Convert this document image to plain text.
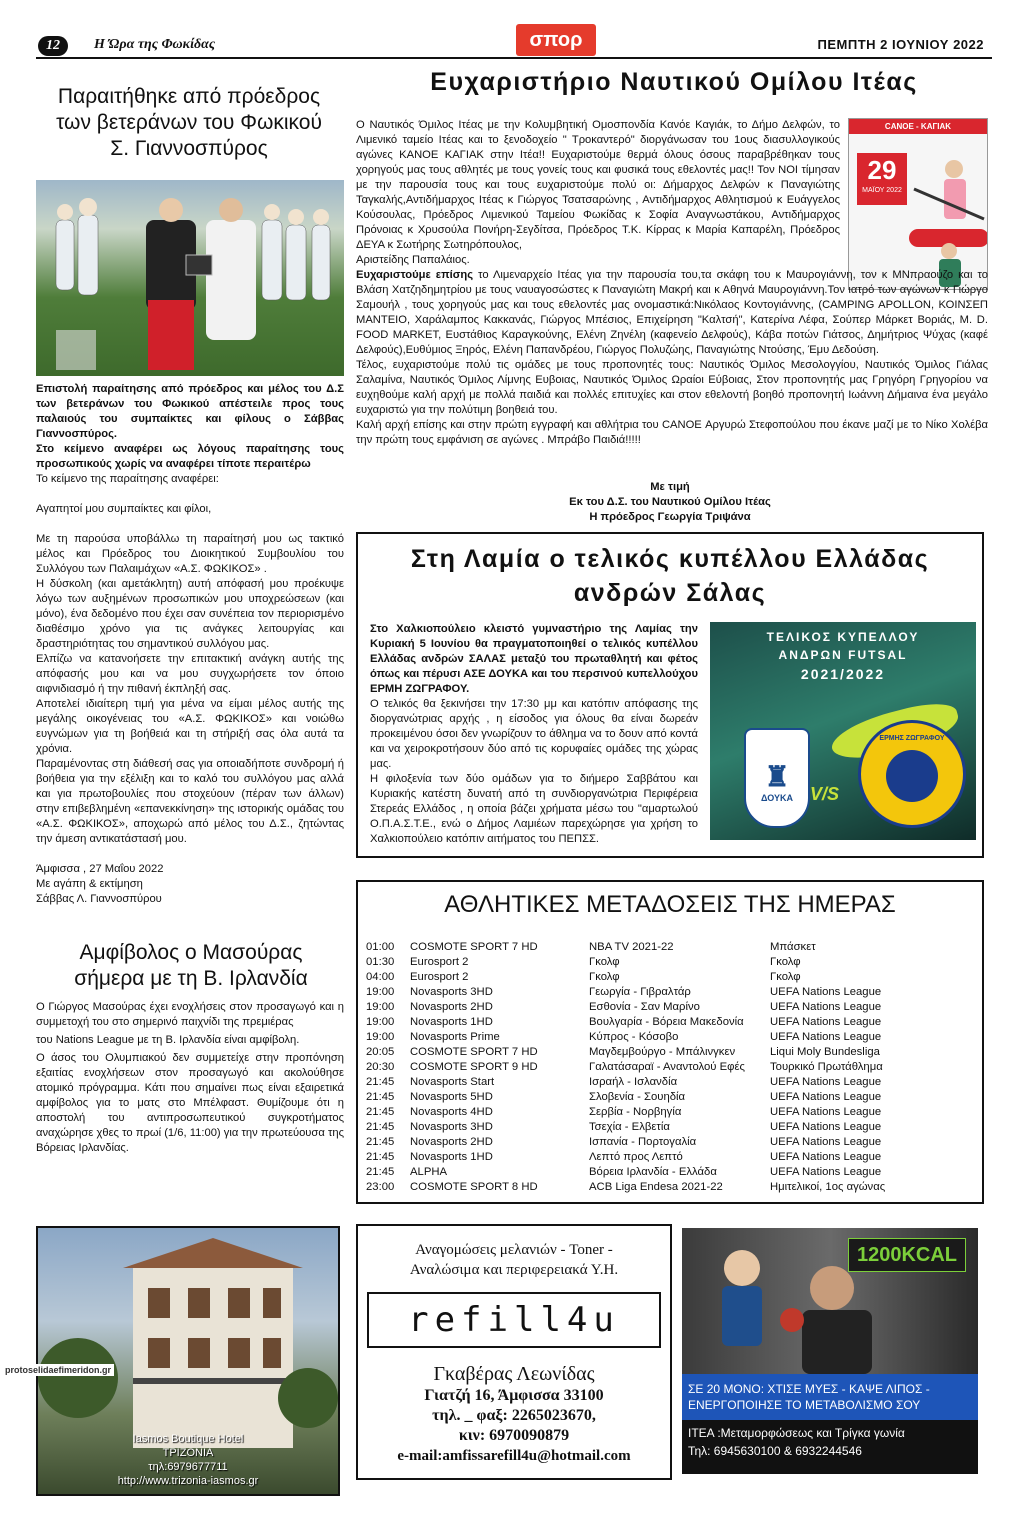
12	Η Ώρα της Φωκίδας	σπορ	ΠΕΜΠΤΗ 2 ΙΟΥΝΙΟΥ 2022
Παραιτήθηκε από πρόεδρος των βετεράνων του Φωκικού Σ. Γιαννοσπύρος

Επιστολή παραίτησης από πρόεδρος και μέλος του Δ.Σ των βετεράνων του Φωκικού απέστειλε προς τους παλαιούς του συμπαίκτες και φίλους ο Σάββας Γιαννοσπύρος.

Στο κείμενο αναφέρει ως λόγους παραίτησης τους προσωπικούς χωρίς να αναφέρει τίποτε περαιτέρω

Το κείμενο της παραίτησης αναφέρει:

Αγαπητοί μου συμπαίκτες και φίλοι,

Με τη παρούσα υποβάλλω τη παραίτησή μου ως τακτικό μέλος και Πρόεδρος του Διοικητικού Συμβουλίου του Συλλόγου των Παλαιμάχων «Α.Σ. ΦΩΚΙΚΟΣ» .

Η δύσκολη (και αμετάκλητη) αυτή απόφασή μου προέκυψε λόγω των αυξημένων προσωπικών μου υποχρεώσεων (και μόνο), ένα δεδομένο που έχει σαν συνέπεια τον περιορισμένο διαθέσιμο χρόνο για τις ανάγκες λειτουργίας και δραστηριότητας του σημαντικού συλλόγου μας.

Ελπίζω να κατανοήσετε την επιτακτική ανάγκη αυτής της απόφασής μου και να μου συγχωρήσετε τον όποιο αιφνιδιασμό ή την πιθανή έκπληξή σας.

Αποτελεί ιδιαίτερη τιμή για μένα να είμαι μέλος αυτής της μεγάλης οικογένειας του «Α.Σ. ΦΩΚΙΚΟΣ» και νοιώθω ευγνώμων για τη βοήθειά και τη στήριξή σας όλα αυτά τα χρόνια.

Παραμένοντας στη διάθεσή σας για οποιαδήποτε συνδρομή ή βοήθεια για την εξέλιξη και το καλό του συλλόγου μας αλλά και για πρωτοβουλίες που στοχεύουν (πέραν των άλλων) στην επιβεβλημένη «επανεκκίνηση» της ιστορικής ομάδας του «Α.Σ. ΦΩΚΙΚΟΣ», αποχωρώ από μέλος του Δ.Σ., ζητώντας την άμεση αντικατάστασή μου.

Άμφισσα , 27 Μαΐου 2022

Με αγάπη & εκτίμηση

Σάββας Λ. Γιαννοσπύρου

Αμφίβολος ο Μασούρας σήμερα με τη Β. Ιρλανδία

Ο Γιώργος Μασούρας έχει ενοχλήσεις στον προσαγωγό και η συμμετοχή του στο σημερινό παιχνίδι της πρεμιέρας

του Nations League με τη Β. Ιρλανδία είναι αμφίβολη.

Ο άσος του Ολυμπιακού δεν συμμετείχε στην προπόνηση εξαιτίας ενοχλήσεων στον προσαγωγό και ακολούθησε ατομικό πρόγραμμα. Κάτι που σημαίνει πως είναι εξαιρετικά αμφίβολος για το ματς στο Μπέλφαστ. Θυμίζουμε ότι η αποστολή του αντιπροσωπευτικού συγκροτήματος αναχώρησε χθες το πρωί (1/6, 11:00) για την πρωτεύουσα της Βόρειας Ιρλανδίας.

Ευχαριστήριο Ναυτικού Ομίλου Ιτέας
CANOE - ΚΑΓΙΑΚ
29
ΜΑΪΟΥ 2022

Ο Ναυτικός Όμιλος Ιτέας με την Κολυμβητική Ομοσπονδία Κανόε Καγιάκ, το Δήμο Δελφών, το Λιμενικό ταμείο Ιτέας και το ξενοδοχείο " Τροκαντερό" διοργάνωσαν του 1ους διασυλλογικούς αγώνες ΚΑΝΟΕ ΚΑΓΙΑΚ στην Ιτέα!! Ευχαριστούμε θερμά όλους όσους παραβρέθηκαν τους χορηγούς μας τους αθλητές με τους γονείς τους και φυσικά τους εθελοντές μας!! Τον ΝΟΙ τίμησαν με την παρουσία τους και τους ευχαριστούμε πολύ οι: Δήμαρχος Δελφών κ Παναγιώτης Ταγκαλής,Αντιδήμαρχος Ιτέας κ Γιώργος Τσατσαρώνης , Αντιδήμαρχος Αθλητισμού κ Ευάγγελος Κούσουλας, Πρόεδρος Λιμενικού Ταμείου Φωκίδας κ Σοφία Αναγνωστάκου, Αντιδήμαρχος Πρόνοιας κ Χρυσούλα Πονήρη-Σεγδίτσα, Πρόεδρος Τ.Κ. Κίρρας κ Μαρία Καπαρέλη, Πρόεδρος ΔΕΥΑ κ Σωτήρης Σωτηρόπουλος,

Αριστείδης Παπαλάιος.

Ευχαριστούμε επίσης το Λιμεναρχείο Ιτέας για την παρουσία του,τα σκάφη του κ Μαυρογιάννη, τον κ ΜΝπραούζο και το Βλάση Χατζηδημητρίου με τους ναυαγοσώστες κ Παναγιώτη Μακρή και κ Αθηνά Μαυρογιάννη.Τον ιατρό των αγώνων κ Γιώργο Σαμουήλ , τους χορηγούς μας και τους εθελοντές μας ονομαστικά:Νικόλαος Κοντογιάννης, (CAMPING APOLLON, ΚΟΙΝΣΕΠ ΜΑΝΤΕΙΟ, Χαράλαμπος Κακκανάς, Γιώργος Μπέσιος, Επιχείρηση "Καλτσή", Κατερίνα Λέφα, Σούπερ Μάρκετ Βοριάς, M. D. FOOD MARKET, Ευστάθιος Καραγκούνης, Ελένη Ζηνέλη (καφενείο Δελφούς), Κάβα ποτών Γιάτσος, Δημήτριος Ψύχας (καφέ Δελφούς),Ευθύμιος Ξηρός, Ελένη Παπανδρέου, Γιώργος Πολυζώης, Παναγιώτης Ντούσης, Έμυ Δεδούση.

Τέλος, ευχαριστούμε πολύ τις ομάδες με τους προπονητές τους: Ναυτικός Όμιλος Μεσολογγίου, Ναυτικός Όμιλος Γιάλας Σαλαμίνα, Ναυτικός Όμιλος Λίμνης Ευβοιας, Ναυτικός Όμιλος Ωραίοι Εύβοιας, Στον προπονητής μας Γρηγόρη Γρηγορίου να ευχηθούμε καλή αρχή με πολλά παιδιά και πολλές επιτυχίες και στον εθελοντή βοηθό προπονητή Ιωάννη Δήμαινα ένα μεγάλο ευχαριστώ για την πολύτιμη βοηθειά του.

Καλή αρχή επίσης και στην πρώτη εγγραφή και αθλήτρια του CANOE Αργυρώ Στεφοπούλου που έκανε μαζί με το Νίκο Χολέβα την πρώτη τους εμφάνιση σε αγώνες . Μπράβο Παιδιά!!!!!

Με τιμή
Εκ του Δ.Σ. του Ναυτικού Ομίλου Ιτέας
Η πρόεδρος Γεωργία Τριψάνα
Στη Λαμία ο τελικός κυπέλλου Ελλάδας ανδρών Σάλας

Στο Χαλκιοπούλειο κλειστό γυμναστήριο της Λαμίας την Κυριακή 5 Ιουνίου θα πραγματοποιηθεί ο τελικός κυπέλλου Ελλάδας ανδρών ΣΑΛΑΣ μεταξύ του πρωταθλητή και φέτος όπως και πέρυσι ΑΣΕ ΔΟΥΚΑ και του περσινού κυπελλούχου ΕΡΜΗ ΖΩΓΡΑΦΟΥ.

Ο τελικός θα ξεκινήσει την 17:30 μμ και κατόπιν απόφασης της διοργανώτριας αρχής , η είσοδος για όλους θα είναι δωρεάν προκειμένου όσοι δεν γνωρίζουν το άθλημα να το δουν από κοντά και να χειροκροτήσουν δύο από τις κορυφαίες ομάδες της χώρας μας.

Η φιλοξενία των δύο ομάδων για το διήμερο Σαββάτου και Κυριακής κατέστη δυνατή από τη συνδιοργανώτρια Περιφέρεια Στερεάς Ελλάδος , η οποία βάζει χρήματα μέσω του "αμαρτωλού Ο.Π.Α.Σ.Τ.Ε., ενώ ο Δήμος Λαμιέων παρεχώρησε για χρήση το Χαλκιοπούλειο κατόπιν αιτήματος του ΠΕΠΣΣ.

ΤΕΛΙΚΟΣ ΚΥΠΕΛΛΟΥ
ΑΝΔΡΩΝ FUTSAL
2021/2022
♜
ΔΟΥΚΑ V/S
ΕΡΜΗΣ ΖΩΓΡΑΦΟΥ
ΑΘΛΗΤΙΚΕΣ ΜΕΤΑΔΟΣΕΙΣ ΤΗΣ ΗΜΕΡΑΣ
01:00 COSMOTE SPORT 7 HD	NBA TV 2021-22	Μπάσκετ
01:30 Eurosport 2	Γκολφ	Γκολφ
04:00 Eurosport 2	Γκολφ	Γκολφ
19:00 Novasports 3HD	Γεωργία - Γιβραλτάρ	UEFA Nations League
19:00 Novasports 2HD	Εσθονία - Σαν Μαρίνο	UEFA Nations League
19:00 Novasports 1HD	Βουλγαρία - Βόρεια Μακεδονία UEFA Nations League
19:00 Novasports Prime	Κύπρος - Κόσοβο	UEFA Nations League
20:05 COSMOTE SPORT 7 HD	Μαγδεμβούργο - Μπάλινγκεν	Liqui Moly Bundesliga
20:30 COSMOTE SPORT 9 HD	Γαλατάσαραϊ - Αναντολού Εφές Τουρκικό Πρωτάθλημα
21:45 Novasports Start	Ισραήλ - Ισλανδία	UEFA Nations League
21:45 Novasports 5HD	Σλοβενία - Σουηδία	UEFA Nations League
21:45 Novasports 4HD	Σερβία - Νορβηγία	UEFA Nations League
21:45 Novasports 3HD	Τσεχία - Ελβετία	UEFA Nations League
21:45 Novasports 2HD	Ισπανία - Πορτογαλία	UEFA Nations League
21:45 Novasports 1HD	Λεπτό προς Λεπτό	UEFA Nations League
21:45 ALPHA	Βόρεια Ιρλανδία - Ελλάδα	UEFA Nations League
23:00 COSMOTE SPORT 8 HD	ACB Liga Endesa 2021-22	Ημιτελικοί, 1ος αγώνας
Iasmos Boutique Hotel
ΤΡΙΖΟΝΙΑ
τηλ:6979677711
http://www.trizonia-iasmos.gr
protoselidaefimeridon.gr
Αναγομώσεις μελανιών - Toner -
Αναλώσιμα και περιφερειακά Υ.Η.
refill4u
Γκαβέρας Λεωνίδας
Γιατζή 16, Άμφισσα 33100
τηλ. _ φαξ: 2265023670,
κιν: 6970090879
e-mail:amfissarefill4u@hotmail.com
1200KCAL
ΣΕ 20 ΜΟΝΟ: ΧΤΙΣΕ ΜΥΕΣ - ΚΑΨΕ ΛΙΠΟΣ - ΕΝΕΡΓΟΠΟΙΗΣΕ ΤΟ ΜΕΤΑΒΟΛΙΣΜΟ ΣΟΥ
ΙΤΕΑ :Μεταμορφώσεως και Τρίγκα γωνία
Τηλ: 6945630100 & 6932244546
